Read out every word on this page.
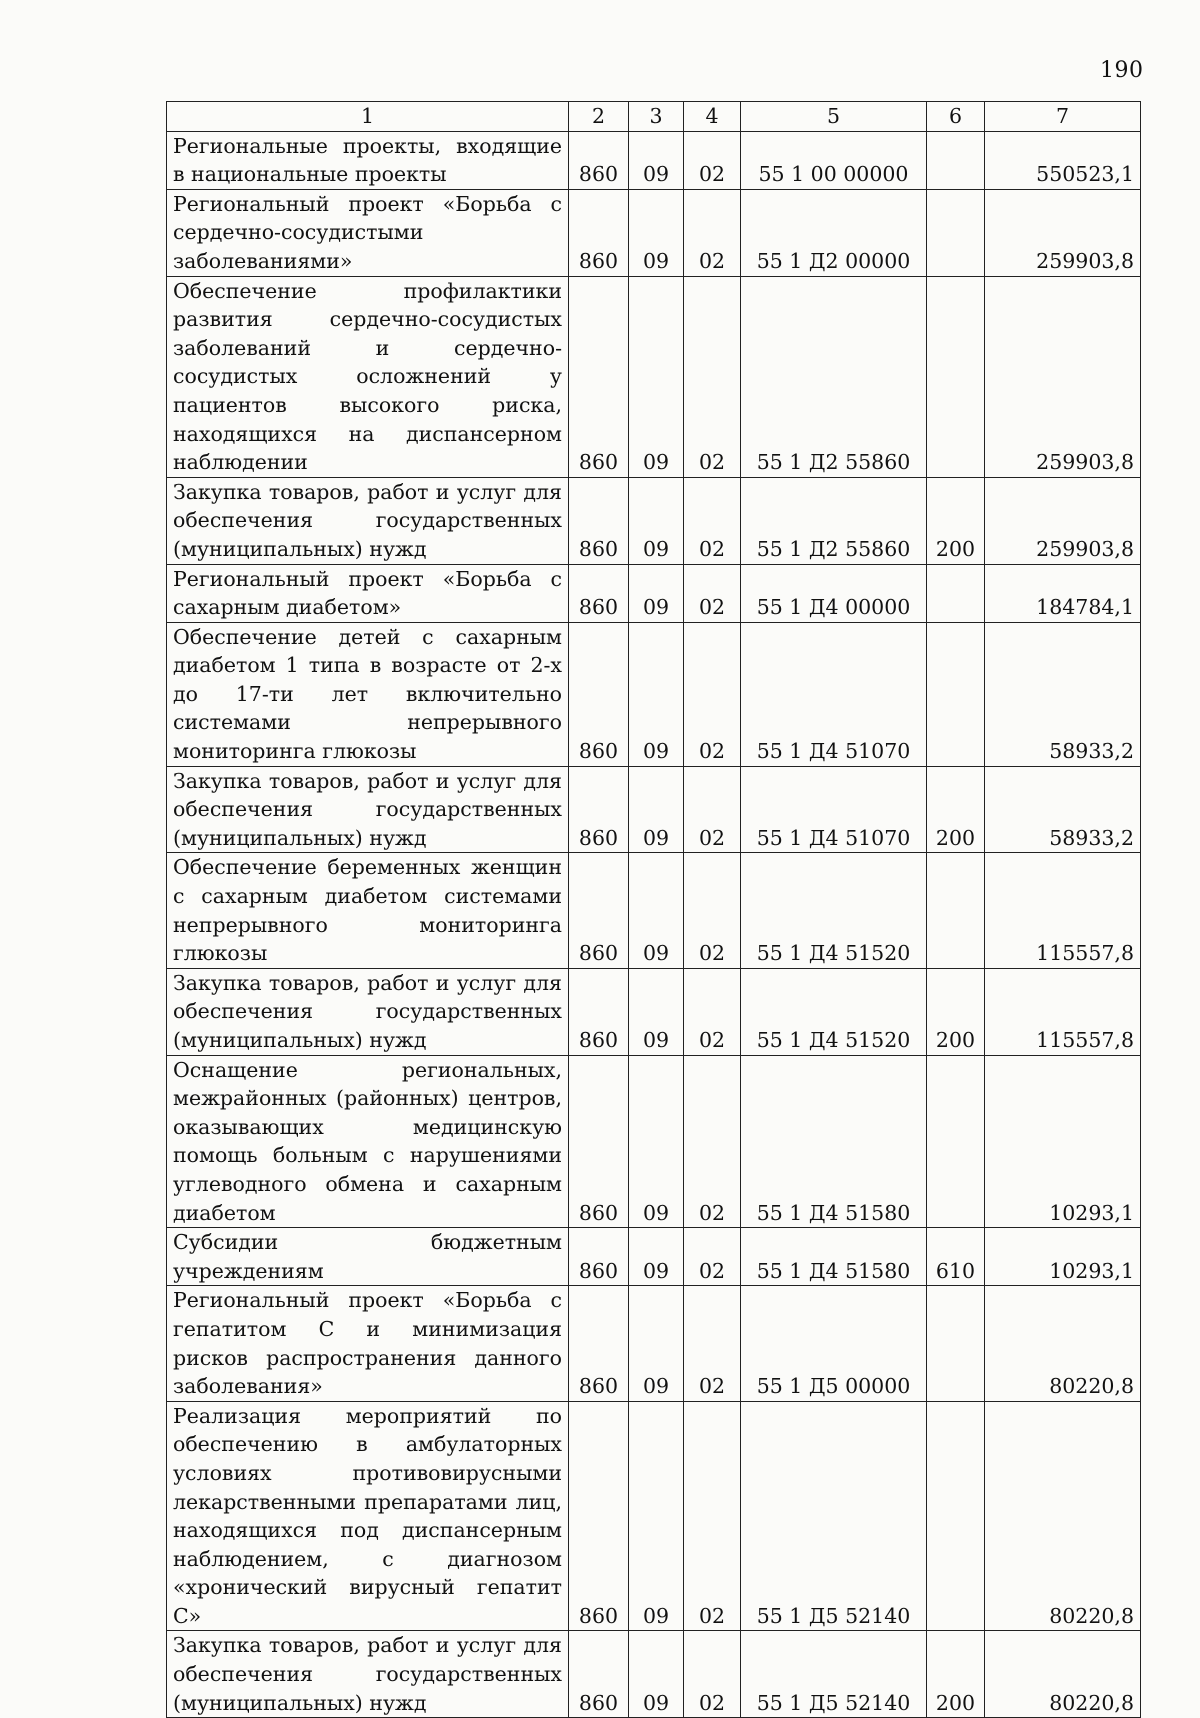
190
1	2	3	4	5	6	7
Региональные проекты, входящие в национальные проекты	860	09	02	55 1 00 00000		550523,1
Региональный проект «Борьба с сердечно-сосудистыми заболеваниями»	860	09	02	55 1 Д2 00000		259903,8
Обеспечение профилактики развития сердечно-сосудистых заболеваний и сердечно-сосудистых осложнений у пациентов высокого риска, находящихся на диспансерном наблюдении	860	09	02	55 1 Д2 55860		259903,8
Закупка товаров, работ и услуг для обеспечения государственных (муниципальных) нужд	860	09	02	55 1 Д2 55860	200	259903,8
Региональный проект «Борьба с сахарным диабетом»	860	09	02	55 1 Д4 00000		184784,1
Обеспечение детей с сахарным диабетом 1 типа в возрасте от 2-х до 17-ти лет включительно системами непрерывного мониторинга глюкозы	860	09	02	55 1 Д4 51070		58933,2
Закупка товаров, работ и услуг для обеспечения государственных (муниципальных) нужд	860	09	02	55 1 Д4 51070	200	58933,2
Обеспечение беременных женщин с сахарным диабетом системами непрерывного мониторинга глюкозы	860	09	02	55 1 Д4 51520		115557,8
Закупка товаров, работ и услуг для обеспечения государственных (муниципальных) нужд	860	09	02	55 1 Д4 51520	200	115557,8
Оснащение региональных, межрайонных (районных) центров, оказывающих медицинскую помощь больным с нарушениями углеводного обмена и сахарным диабетом	860	09	02	55 1 Д4 51580		10293,1
Субсидии бюджетным учреждениям	860	09	02	55 1 Д4 51580	610	10293,1
Региональный проект «Борьба с гепатитом С и минимизация рисков распространения данного заболевания»	860	09	02	55 1 Д5 00000		80220,8
Реализация мероприятий по обеспечению в амбулаторных условиях противовирусными лекарственными препаратами лиц, находящихся под диспансерным наблюдением, с диагнозом «хронический вирусный гепатит С»	860	09	02	55 1 Д5 52140		80220,8
Закупка товаров, работ и услуг для обеспечения государственных (муниципальных) нужд	860	09	02	55 1 Д5 52140	200	80220,8
